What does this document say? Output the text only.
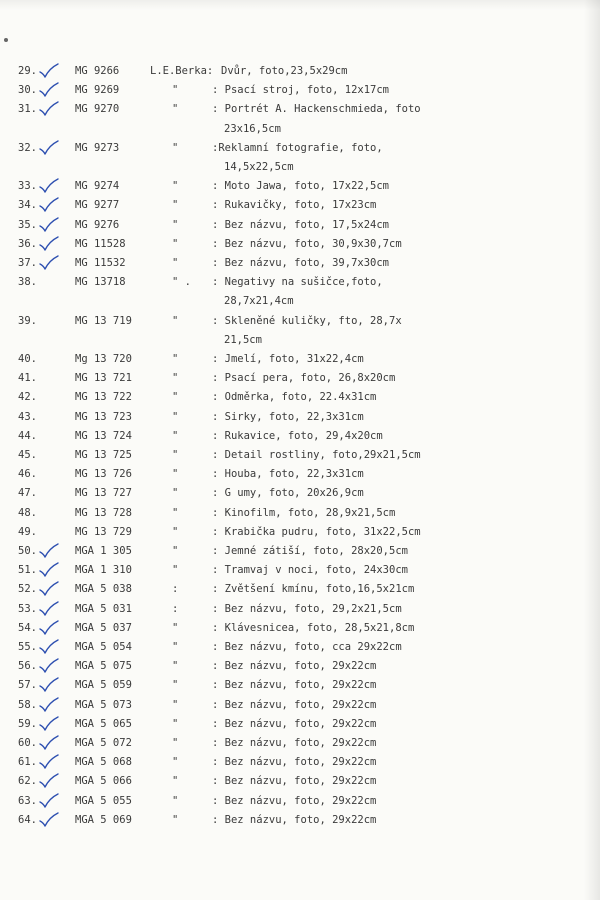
29.	MG 9266	L.E.Berka: Dvůr, foto,23,5x29cm
30.	MG 9269	"	: Psací stroj, foto, 12x17cm
31.	MG 9270	"	: Portrét A. Hackenschmieda, foto
23x16,5cm
32.	MG 9273	"	:Reklamní fotografie, foto,
14,5x22,5cm
33.	MG 9274	"	: Moto Jawa, foto, 17x22,5cm
34.	MG 9277	"	: Rukavičky, foto, 17x23cm
35.	MG 9276	"	: Bez názvu, foto, 17,5x24cm
36.	MG 11528	"	: Bez názvu, foto, 30,9x30,7cm
37.	MG 11532	"	: Bez názvu, foto, 39,7x30cm
38.	MG 13718	" . : Negativy na sušičce,foto,
28,7x21,4cm
39.	MG 13 719	"	: Skleněné kuličky, fto, 28,7x
21,5cm
40.	Mg 13 720	"	: Jmelí, foto, 31x22,4cm
41.	MG 13 721	"	: Psací pera, foto, 26,8x20cm
42.	MG 13 722	"	: Odměrka, foto, 22.4x31cm
43.	MG 13 723	"	: Sirky, foto, 22,3x31cm
44.	MG 13 724	"	: Rukavice, foto, 29,4x20cm
45.	MG 13 725	"	: Detail rostliny, foto,29x21,5cm
46.	MG 13 726	"	: Houba, foto, 22,3x31cm
47.	MG 13 727	"	: G umy, foto, 20x26,9cm
48.	MG 13 728	"	: Kinofilm, foto, 28,9x21,5cm
49.	MG 13 729	"	: Krabička pudru, foto, 31x22,5cm
50.	MGA 1 305	"	: Jemné zátiší, foto, 28x20,5cm
51.	MGA 1 310	"	: Tramvaj v noci, foto, 24x30cm
52.	MGA 5 038	:	: Zvětšení kmínu, foto,16,5x21cm
53.	MGA 5 031	:	: Bez názvu, foto, 29,2x21,5cm
54.	MGA 5 037	"	: Klávesnicea, foto, 28,5x21,8cm
55.	MGA 5 054	"	: Bez názvu, foto, cca 29x22cm
56.	MGA 5 075	"	: Bez názvu, foto, 29x22cm
57.	MGA 5 059	"	: Bez názvu, foto, 29x22cm
58.	MGA 5 073	"	: Bez názvu, foto, 29x22cm
59.	MGA 5 065	"	: Bez názvu, foto, 29x22cm
60.	MGA 5 072	"	: Bez názvu, foto, 29x22cm
61.	MGA 5 068	"	: Bez názvu, foto, 29x22cm
62.	MGA 5 066	"	: Bez názvu, foto, 29x22cm
63.	MGA 5 055	"	: Bez názvu, foto, 29x22cm
64.	MGA 5 069	"	: Bez názvu, foto, 29x22cm
